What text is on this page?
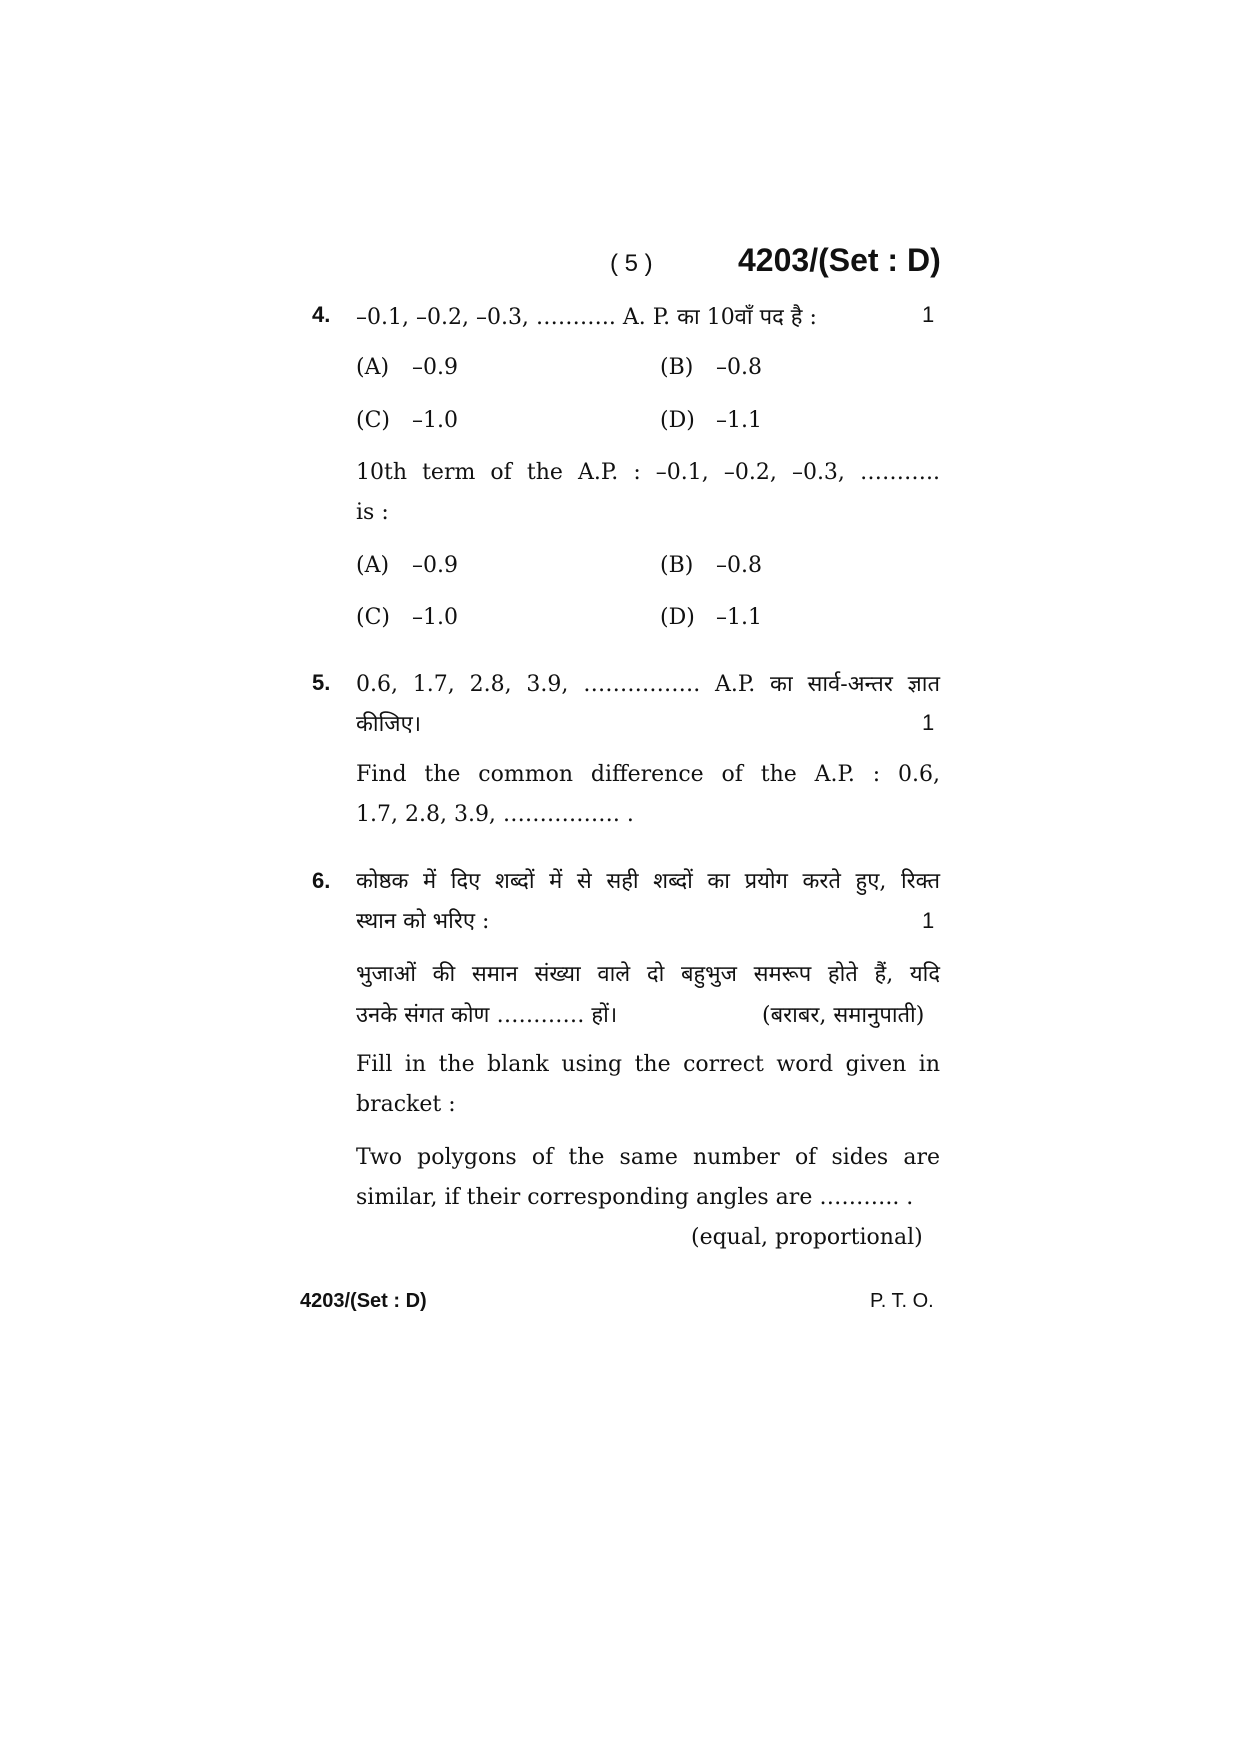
( 5 )	4203/(Set : D)
4. –0.1, –0.2, –0.3, ……….. A. P. का 10वाँ पद है :	1
(A) –0.9	(B) –0.8
(C) –1.0	(D) –1.1
10th term of the A.P. : –0.1, –0.2, –0.3, ………..
is :
(A) –0.9	(B) –0.8
(C) –1.0	(D) –1.1
5. 0.6, 1.7, 2.8, 3.9, ……………. A.P. का सार्व-अन्तर ज्ञात
कीजिए।	1
Find the common difference of the A.P. : 0.6,
1.7, 2.8, 3.9, ……………. .
6. कोष्ठक में दिए शब्दों में से सही शब्दों का प्रयोग करते हुए, रिक्त
स्थान को भरिए :	1
भुजाओं की समान संख्या वाले दो बहुभुज समरूप होते हैं, यदि
उनके संगत कोण ………… हों।	(बराबर, समानुपाती)
Fill in the blank using the correct word given in
bracket :
Two polygons of the same number of sides are
similar, if their corresponding angles are ……….. .
(equal, proportional)
4203/(Set : D)	P. T. O.
